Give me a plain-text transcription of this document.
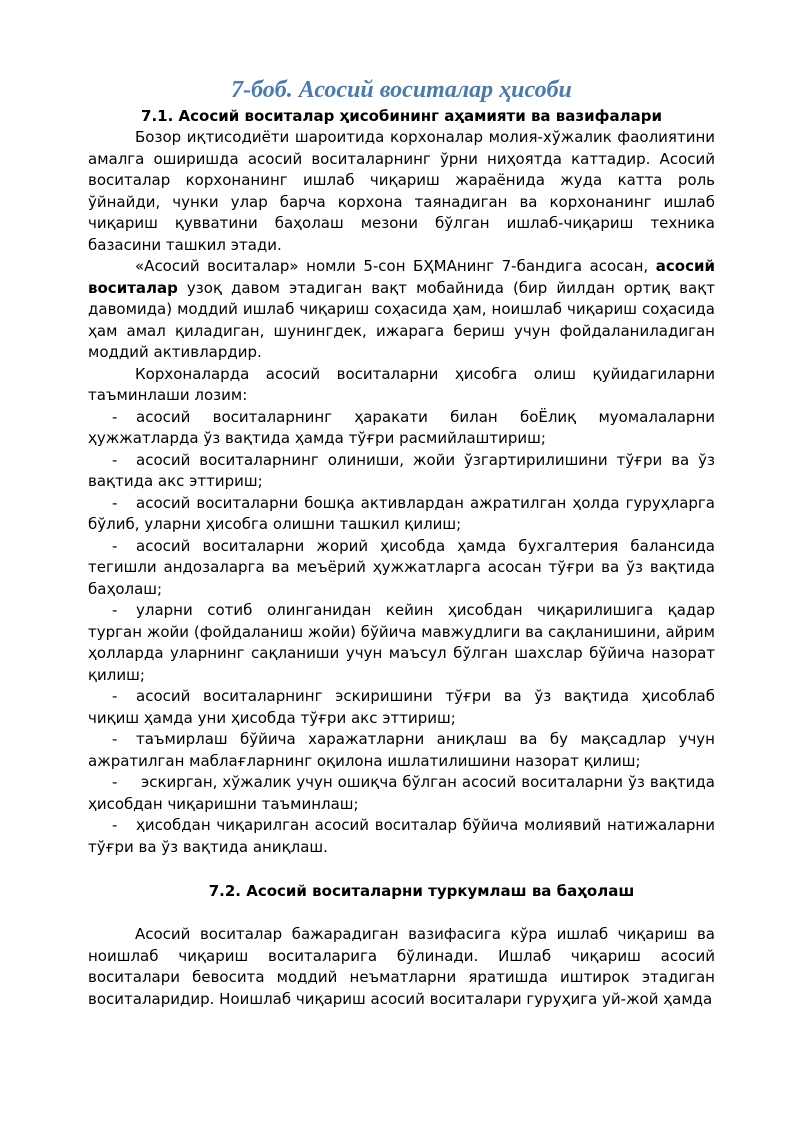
7-боб. Асосий воситалар ҳисоби
7.1. Асосий воситалар ҳисобининг аҳамияти ва вазифалари

Бозор иқтисодиёти шароитида корхоналар молия-хўжалик фаолиятини амалга оширишда асосий воситаларнинг ўрни ниҳоятда каттадир. Асосий воситалар корхонанинг ишлаб чиқариш жараёнида жуда катта роль ўйнайди, чунки улар барча корхона таянадиган ва корхонанинг ишлаб чиқариш қувватини баҳолаш мезони бўлган ишлаб-чиқариш техника базасини ташкил этади.

«Асосий воситалар» номли 5-сон БҲМАнинг 7-бандига асосан, асосий воситалар узоқ давом этадиган вақт мобайнида (бир йилдан ортиқ вақт давомида) моддий ишлаб чиқариш соҳасида ҳам, ноишлаб чиқариш соҳасида ҳам амал қиладиган, шунингдек, ижарага бериш учун фойдаланиладиган моддий активлардир.

Корхоналарда асосий воситаларни ҳисобга олиш қуйидагиларни таъминлаши лозим:

- асосий воситаларнинг ҳаракати билан боЁлиқ муомалаларни ҳужжатларда ўз вақтида ҳамда тўғри расмийлаштириш;
- асосий воситаларнинг олиниши, жойи ўзгартирилишини тўғри ва ўз вақтида акс эттириш;
- асосий воситаларни бошқа активлардан ажратилган ҳолда гуруҳларга бўлиб, уларни ҳисобга олишни ташкил қилиш;
- асосий воситаларни жорий ҳисобда ҳамда бухгалтерия балансида тегишли андозаларга ва меъёрий ҳужжатларга асосан тўғри ва ўз вақтида баҳолаш;
- уларни сотиб олинганидан кейин ҳисобдан чиқарилишига қадар турган жойи (фойдаланиш жойи) бўйича мавжудлиги ва сақланишини, айрим ҳолларда уларнинг сақланиши учун маъсул бўлган шахслар бўйича назорат қилиш;
- асосий воситаларнинг эскиришини тўғри ва ўз вақтида ҳисоблаб чиқиш ҳамда уни ҳисобда тўғри акс эттириш;
- таъмирлаш бўйича харажатларни аниқлаш ва бу мақсадлар учун ажратилган маблағларнинг оқилона ишлатилишини назорат қилиш;
- эскирган, хўжалик учун ошиқча бўлган асосий воситаларни ўз вақтида ҳисобдан чиқаришни таъминлаш;
- ҳисобдан чиқарилган асосий воситалар бўйича молиявий натижаларни тўғри ва ўз вақтида аниқлаш.
7.2. Асосий воситаларни туркумлаш ва баҳолаш

Асосий воситалар бажарадиган вазифасига кўра ишлаб чиқариш ва ноишлаб чиқариш воситаларига бўлинади. Ишлаб чиқариш асосий воситалари бевосита моддий неъматларни яратишда иштирок этадиган воситаларидир. Ноишлаб чиқариш асосий воситалари гуруҳига уй-жой ҳамда
